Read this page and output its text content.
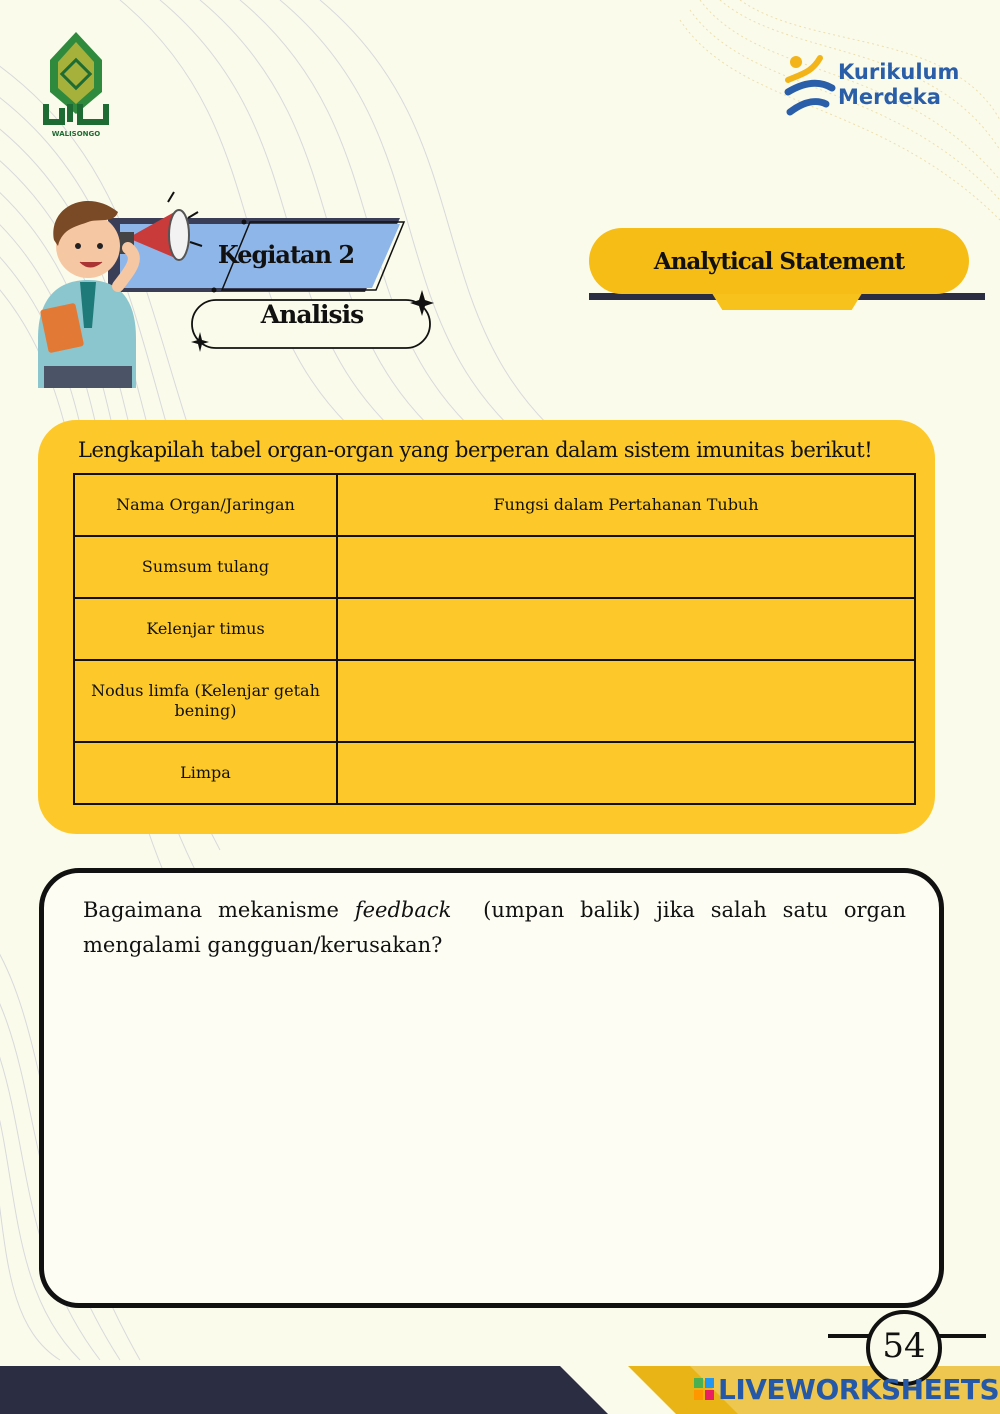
WALISONGO
Kurikulum
Merdeka
Kegiatan 2
Analisis
Analytical Statement
Lengkapilah tabel organ-organ yang berperan dalam sistem imunitas berikut!
Nama Organ/Jaringan	Fungsi dalam Pertahanan Tubuh
Sumsum tulang	
Kelenjar timus	
Nodus limfa (Kelenjar getah bening)	
Limpa	
Bagaimana mekanisme feedback  (umpan balik) jika salah satu organ mengalami gangguan/kerusakan?
54
LIVEWORKSHEETS
